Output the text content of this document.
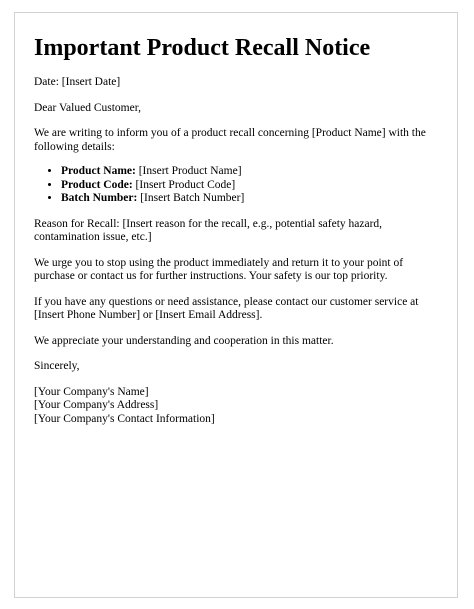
Important Product Recall Notice

Date: [Insert Date]

Dear Valued Customer,

We are writing to inform you of a product recall concerning [Product Name] with the following details:

• Product Name: [Insert Product Name]
• Product Code: [Insert Product Code]
• Batch Number: [Insert Batch Number]

Reason for Recall: [Insert reason for the recall, e.g., potential safety hazard, contamination issue, etc.]

We urge you to stop using the product immediately and return it to your point of purchase or contact us for further instructions. Your safety is our top priority.

If you have any questions or need assistance, please contact our customer service at [Insert Phone Number] or [Insert Email Address].

We appreciate your understanding and cooperation in this matter.

Sincerely,

[Your Company's Name]
[Your Company's Address]
[Your Company's Contact Information]
